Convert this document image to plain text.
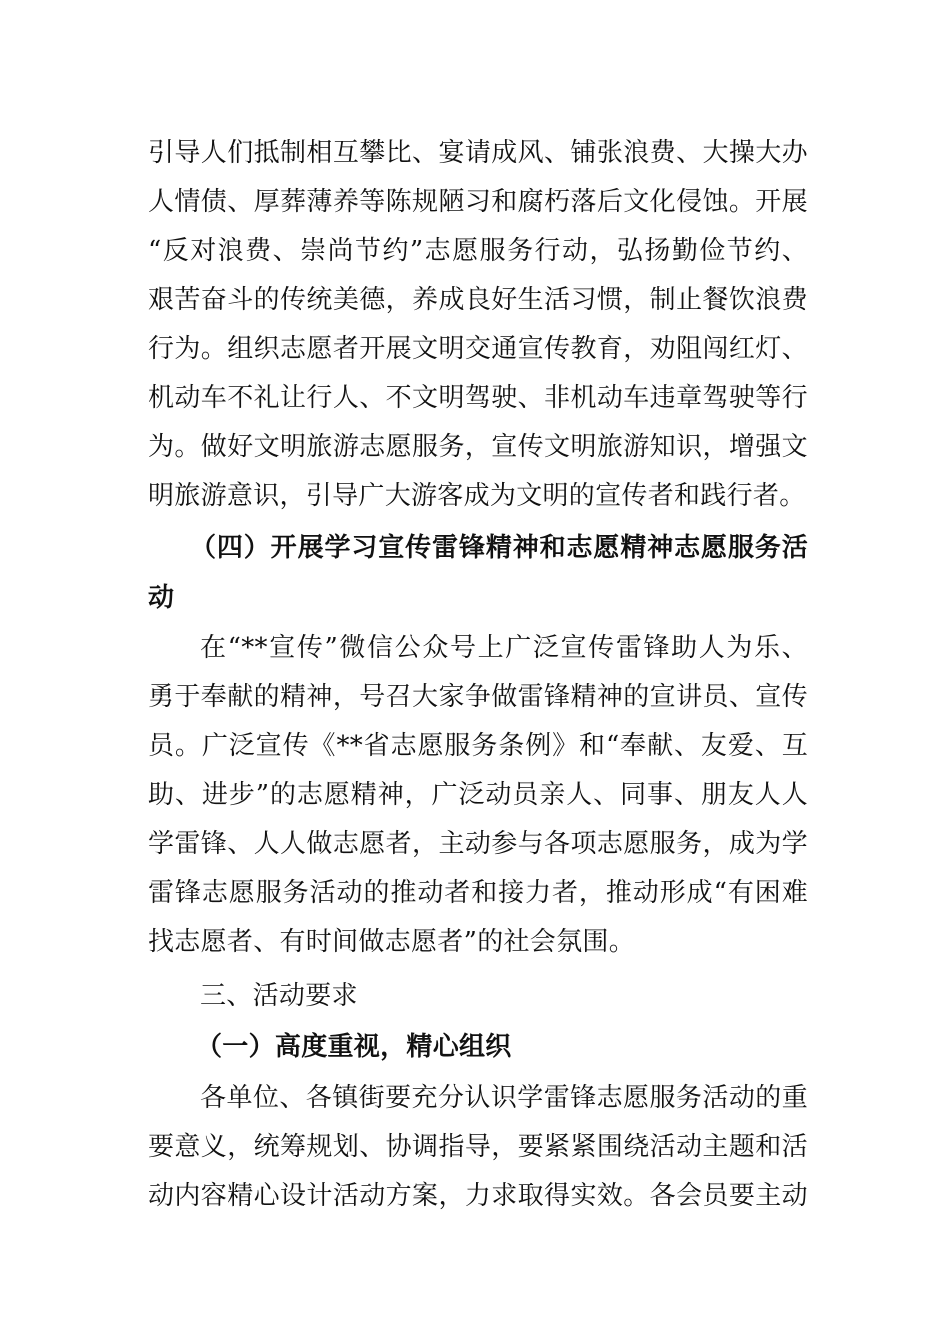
引导人们抵制相互攀比、宴请成风、铺张浪费、大操大办
人情债、厚葬薄养等陈规陋习和腐朽落后文化侵蚀。开展
“反对浪费、崇尚节约”志愿服务行动，弘扬勤俭节约、
艰苦奋斗的传统美德，养成良好生活习惯，制止餐饮浪费
行为。组织志愿者开展文明交通宣传教育，劝阻闯红灯、
机动车不礼让行人、不文明驾驶、非机动车违章驾驶等行
为。做好文明旅游志愿服务，宣传文明旅游知识，增强文
明旅游意识，引导广大游客成为文明的宣传者和践行者。
（四）开展学习宣传雷锋精神和志愿精神志愿服务活
动
在“**宣传”微信公众号上广泛宣传雷锋助人为乐、
勇于奉献的精神，号召大家争做雷锋精神的宣讲员、宣传
员。广泛宣传《**省志愿服务条例》和“奉献、友爱、互
助、进步”的志愿精神，广泛动员亲人、同事、朋友人人
学雷锋、人人做志愿者，主动参与各项志愿服务，成为学
雷锋志愿服务活动的推动者和接力者，推动形成“有困难
找志愿者、有时间做志愿者”的社会氛围。
三、活动要求
（一）高度重视，精心组织
各单位、各镇街要充分认识学雷锋志愿服务活动的重
要意义，统筹规划、协调指导，要紧紧围绕活动主题和活
动内容精心设计活动方案，力求取得实效。各会员要主动
